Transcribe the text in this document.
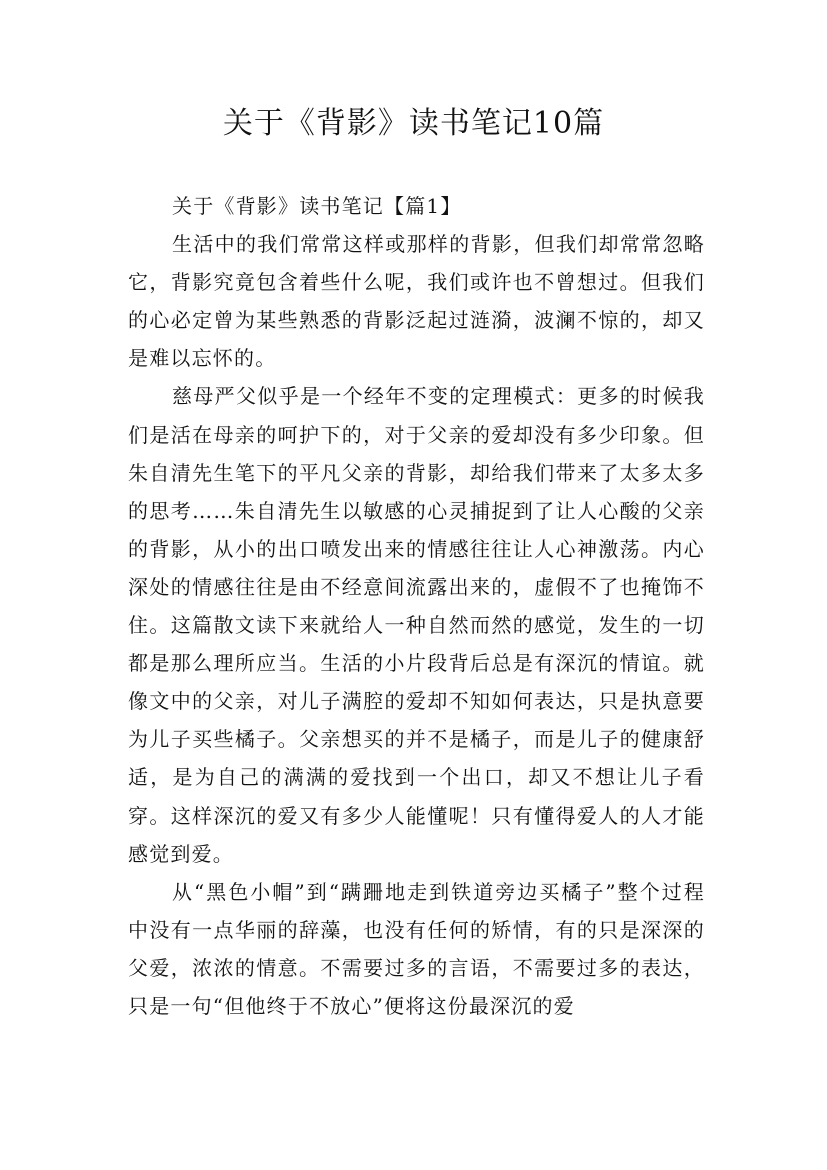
关于《背影》读书笔记10篇
关于《背影》读书笔记【篇1】

生活中的我们常常这样或那样的背影，但我们却常常忽略它，背影究竟包含着些什么呢，我们或许也不曾想过。但我们的心必定曾为某些熟悉的背影泛起过涟漪，波澜不惊的，却又是难以忘怀的。

慈母严父似乎是一个经年不变的定理模式：更多的时候我们是活在母亲的呵护下的，对于父亲的爱却没有多少印象。但朱自清先生笔下的平凡父亲的背影，却给我们带来了太多太多的思考……朱自清先生以敏感的心灵捕捉到了让人心酸的父亲的背影，从小的出口喷发出来的情感往往让人心神激荡。内心深处的情感往往是由不经意间流露出来的，虚假不了也掩饰不住。这篇散文读下来就给人一种自然而然的感觉，发生的一切都是那么理所应当。生活的小片段背后总是有深沉的情谊。就像文中的父亲，对儿子满腔的爱却不知如何表达，只是执意要为儿子买些橘子。父亲想买的并不是橘子，而是儿子的健康舒适，是为自己的满满的爱找到一个出口，却又不想让儿子看穿。这样深沉的爱又有多少人能懂呢！只有懂得爱人的人才能感觉到爱。

从“黑色小帽”到“蹒跚地走到铁道旁边买橘子”整个过程中没有一点华丽的辞藻，也没有任何的矫情，有的只是深深的父爱，浓浓的情意。不需要过多的言语，不需要过多的表达，只是一句“但他终于不放心”便将这份最深沉的爱
